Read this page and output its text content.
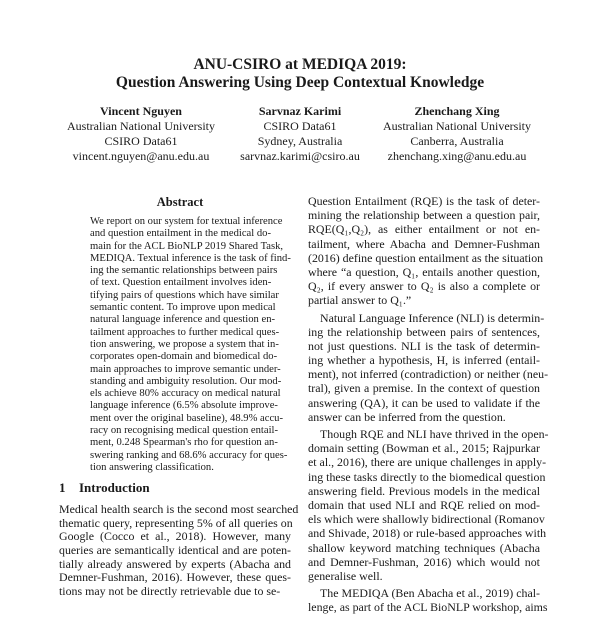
ANU-CSIRO at MEDIQA 2019:
Question Answering Using Deep Contextual Knowledge
Vincent Nguyen
Australian National University
CSIRO Data61
vincent.nguyen@anu.edu.au
Sarvnaz Karimi
CSIRO Data61
Sydney, Australia
sarvnaz.karimi@csiro.au
Zhenchang Xing
Australian National University
Canberra, Australia
zhenchang.xing@anu.edu.au
Abstract
We report on our system for textual inference
and question entailment in the medical do-
main for the ACL BioNLP 2019 Shared Task,
MEDIQA. Textual inference is the task of find-
ing the semantic relationships between pairs
of text. Question entailment involves iden-
tifying pairs of questions which have similar
semantic content. To improve upon medical
natural language inference and question en-
tailment approaches to further medical ques-
tion answering, we propose a system that in-
corporates open-domain and biomedical do-
main approaches to improve semantic under-
standing and ambiguity resolution. Our mod-
els achieve 80% accuracy on medical natural
language inference (6.5% absolute improve-
ment over the original baseline), 48.9% accu-
racy on recognising medical question entail-
ment, 0.248 Spearman's rho for question an-
swering ranking and 68.6% accuracy for ques-
tion answering classification.
1 Introduction
Medical health search is the second most searched
thematic query, representing 5% of all queries on
Google (Cocco et al., 2018). However, many
queries are semantically identical and are poten-
tially already answered by experts (Abacha and
Demner-Fushman, 2016). However, these ques-
tions may not be directly retrievable due to se-
Question Entailment (RQE) is the task of deter-
mining the relationship between a question pair,
RQE(Q₁,Q₂), as either entailment or not en-
tailment, where Abacha and Demner-Fushman
(2016) define question entailment as the situation
where “a question, Q₁, entails another question,
Q₂, if every answer to Q₂ is also a complete or
partial answer to Q₁.”
Natural Language Inference (NLI) is determin-
ing the relationship between pairs of sentences,
not just questions. NLI is the task of determin-
ing whether a hypothesis, H, is inferred (entail-
ment), not inferred (contradiction) or neither (neu-
tral), given a premise. In the context of question
answering (QA), it can be used to validate if the
answer can be inferred from the question.
Though RQE and NLI have thrived in the open-
domain setting (Bowman et al., 2015; Rajpurkar
et al., 2016), there are unique challenges in apply-
ing these tasks directly to the biomedical question
answering field. Previous models in the medical
domain that used NLI and RQE relied on mod-
els which were shallowly bidirectional (Romanov
and Shivade, 2018) or rule-based approaches with
shallow keyword matching techniques (Abacha
and Demner-Fushman, 2016) which would not
generalise well.
The MEDIQA (Ben Abacha et al., 2019) chal-
lenge, as part of the ACL BioNLP workshop, aims
